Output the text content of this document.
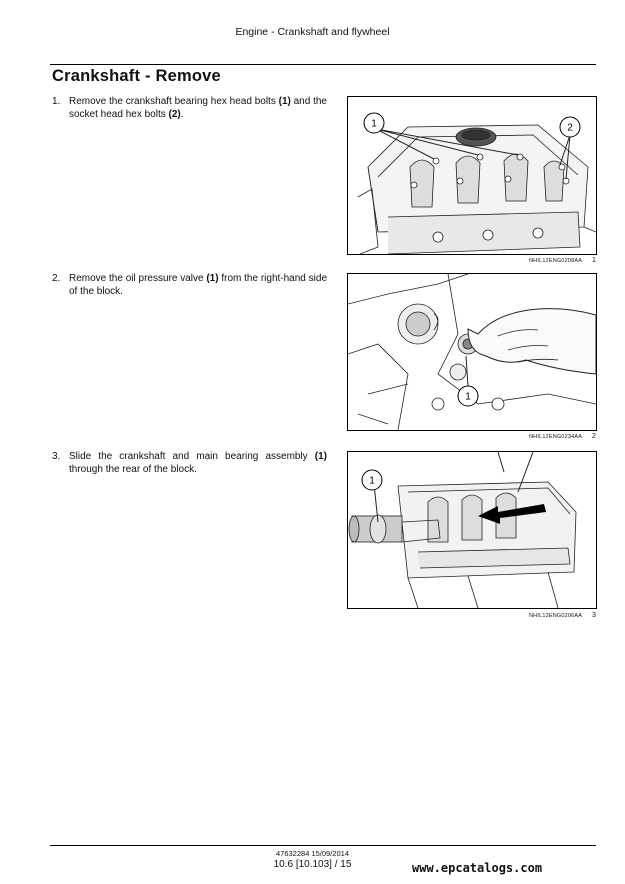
Engine - Crankshaft and flywheel
Crankshaft - Remove
1. Remove the crankshaft bearing hex head bolts (1) and the socket head hex bolts (2).
1	2
NHIL12ENG0208AA 1
2. Remove the oil pressure valve (1) from the right-hand side of the block.
1
NHIL12ENG0234AA 2
3. Slide the crankshaft and main bearing assembly (1) through the rear of the block.
1
NHIL12ENG0206AA 3
47632284 15/09/2014
10.6 [10.103] / 15	www.epcatalogs.com
